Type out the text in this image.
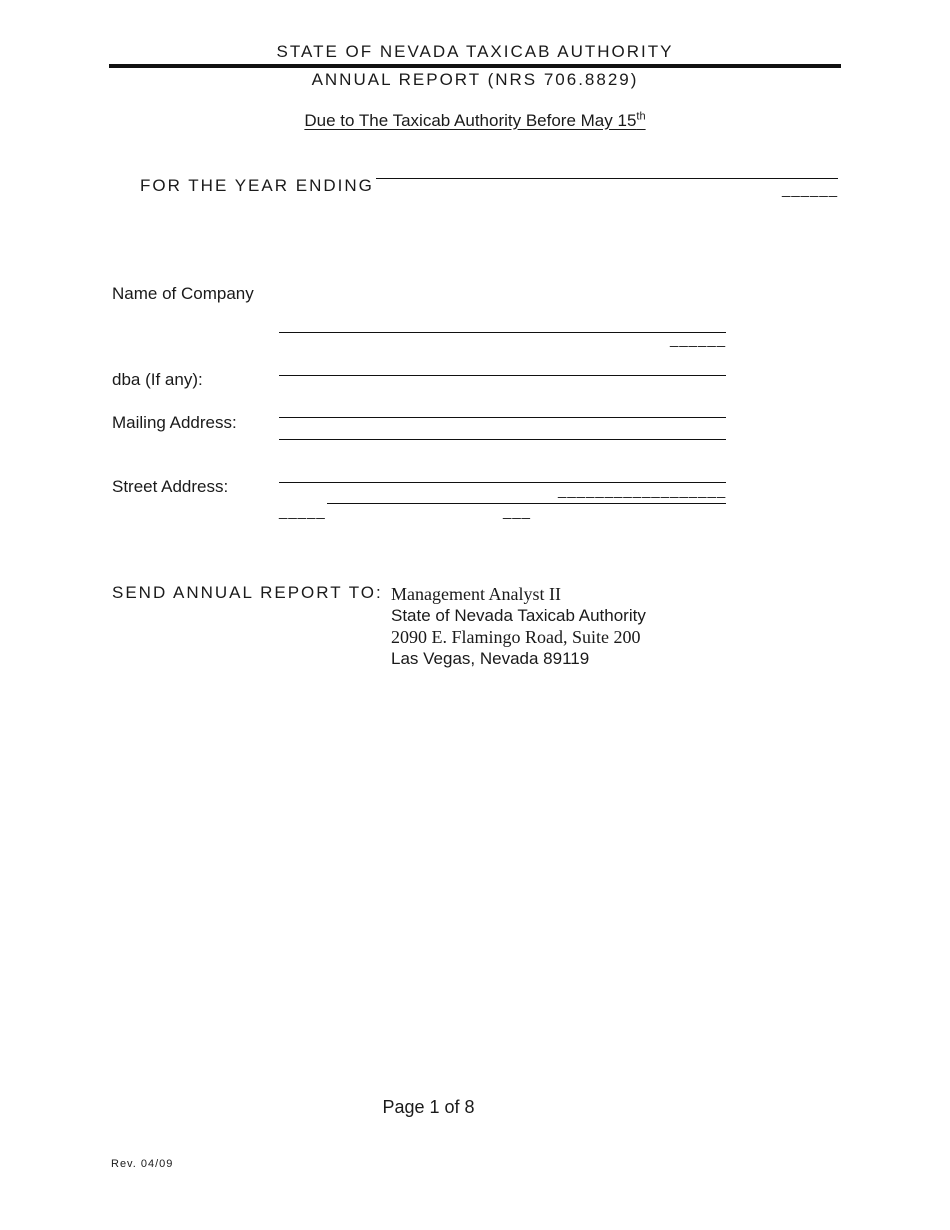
STATE OF NEVADA TAXICAB AUTHORITY
ANNUAL REPORT (NRS 706.8829)
Due to The Taxicab Authority Before May 15th
FOR THE YEAR ENDING	______
Name of Company
______
dba (If any):
Mailing Address:
Street Address:	__________________
_____	___
SEND ANNUAL REPORT TO: Management Analyst II
State of Nevada Taxicab Authority
2090 E. Flamingo Road, Suite 200
Las Vegas, Nevada 89119
Page 1 of 8
Rev. 04/09
